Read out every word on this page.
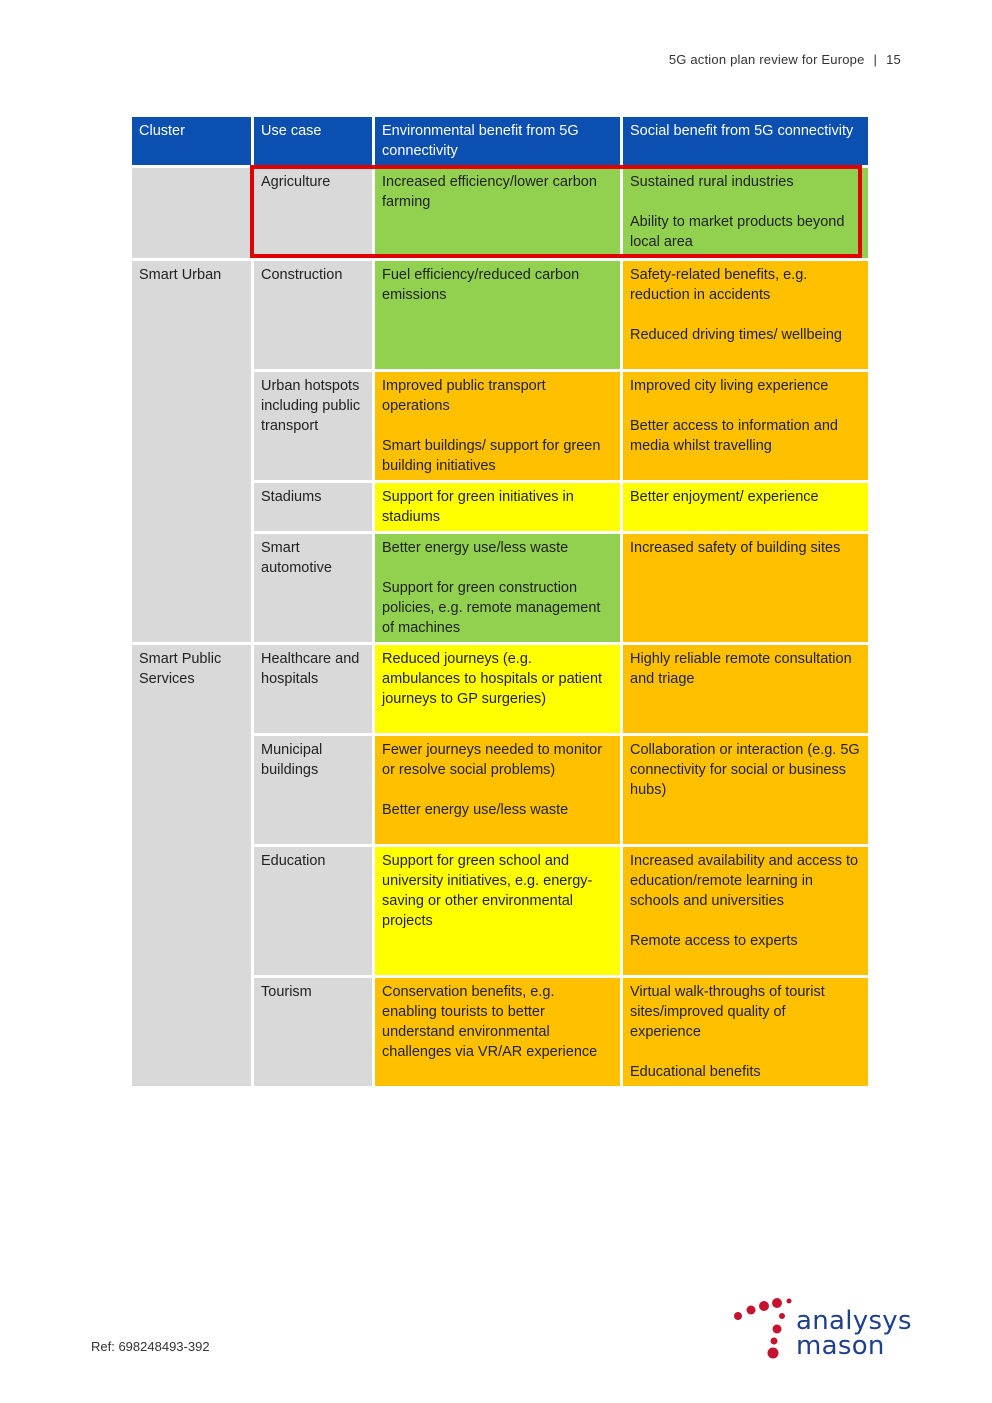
5G action plan review for Europe | 15
Cluster	Use case	Environmental benefit from 5G connectivity	Social benefit from 5G connectivity
	Agriculture	Increased efficiency/lower carbon farming	Sustained rural industries
Ability to market products beyond local area

Smart Urban	Construction	Fuel efficiency/reduced carbon emissions	Safety-related benefits, e.g. reduction in accidents
Reduced driving times/ wellbeing

	Urban hotspots including public transport	Improved public transport operations
Smart buildings/ support for green building initiatives	Improved city living experience
Better access to information and media whilst travelling

	Stadiums	Support for green initiatives in stadiums	Better enjoyment/ experience

	Smart automotive	Better energy use/less waste
Support for green construction policies, e.g. remote management of machines	Increased safety of building sites

Smart Public Services	Healthcare and hospitals	Reduced journeys (e.g. ambulances to hospitals or patient journeys to GP surgeries)	Highly reliable remote consultation and triage

	Municipal buildings	Fewer journeys needed to monitor or resolve social problems)
Better energy use/less waste	Collaboration or interaction (e.g. 5G connectivity for social or business hubs)

	Education	Support for green school and university initiatives, e.g. energy-saving or other environmental projects	Increased availability and access to education/remote learning in schools and universities
Remote access to experts

	Tourism	Conservation benefits, e.g. enabling tourists to better understand environmental challenges via VR/AR experience	Virtual walk-throughs of tourist sites/improved quality of experience
Educational benefits
Ref: 698248493-392
analysys
mason
